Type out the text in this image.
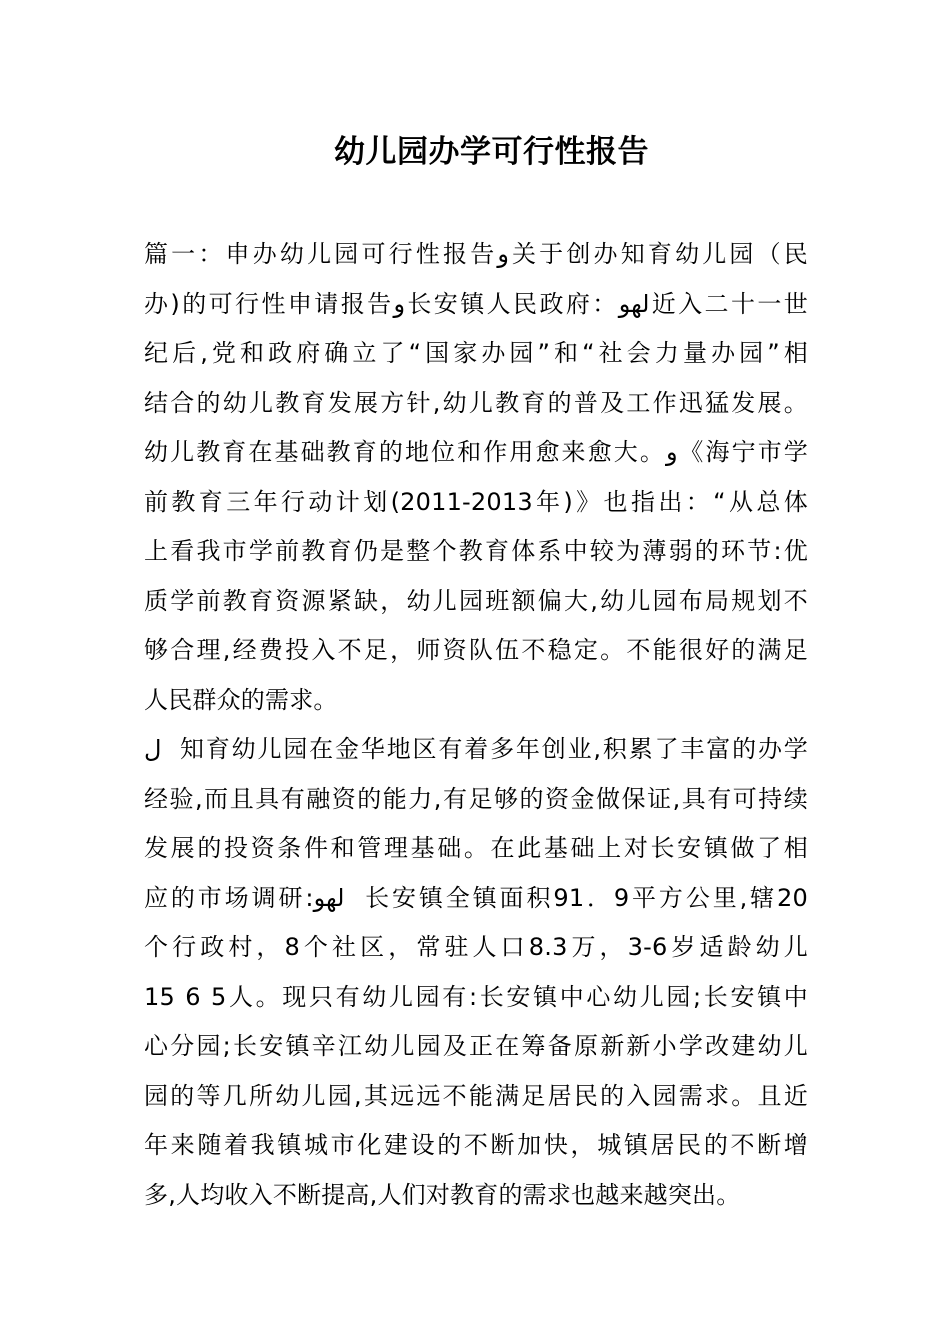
幼儿园办学可行性报告
篇一：申办幼儿园可行性报告و关于创办知育幼儿园（民
办)的可行性申请报告و长安镇人民政府：لهو近入二十一世
纪后,党和政府确立了“国家办园”和“社会力量办园”相
结合的幼儿教育发展方针,幼儿教育的普及工作迅猛发展。
幼儿教育在基础教育的地位和作用愈来愈大。و《海宁市学
前教育三年行动计划(2011-2013年)》也指出：“从总体
上看我市学前教育仍是整个教育体系中较为薄弱的环节:优
质学前教育资源紧缺，幼儿园班额偏大,幼儿园布局规划不
够合理,经费投入不足，师资队伍不稳定。不能很好的满足
人民群众的需求。
ل  知育幼儿园在金华地区有着多年创业,积累了丰富的办学
经验,而且具有融资的能力,有足够的资金做保证,具有可持续
发展的投资条件和管理基础。在此基础上对长安镇做了相
应的市场调研:لهو  长安镇全镇面积91．9平方公里,辖20
个行政村，8个社区，常驻人口8.3万，3-6岁适龄幼儿
15 6 5人。现只有幼儿园有:长安镇中心幼儿园;长安镇中
心分园;长安镇辛江幼儿园及正在筹备原新新小学改建幼儿
园的等几所幼儿园,其远远不能满足居民的入园需求。且近
年来随着我镇城市化建设的不断加快，城镇居民的不断增
多,人均收入不断提高,人们对教育的需求也越来越突出。
